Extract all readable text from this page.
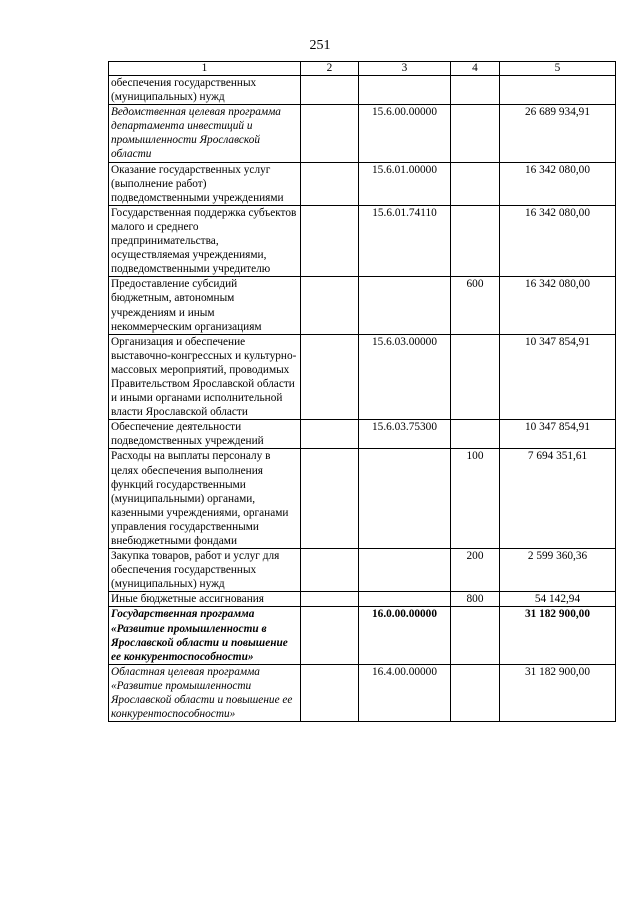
251
1	2	3	4	5
обеспечения государственных (муниципальных) нужд				
Ведомственная целевая программа департамента инвестиций и промышленности Ярославской области		15.6.00.00000		26 689 934,91
Оказание государственных услуг (выполнение работ) подведомственными учреждениями		15.6.01.00000		16 342 080,00
Государственная поддержка субъектов малого и среднего предпринимательства, осуществляемая учреждениями, подведомственными учредителю		15.6.01.74110		16 342 080,00
Предоставление субсидий бюджетным, автономным учреждениям и иным некоммерческим организациям			600	16 342 080,00
Организация и обеспечение выставочно-конгрессных и культурно-массовых мероприятий, проводимых Правительством Ярославской области и иными органами исполнительной власти Ярославской области		15.6.03.00000		10 347 854,91
Обеспечение деятельности подведомственных учреждений		15.6.03.75300		10 347 854,91
Расходы на выплаты персоналу в целях обеспечения выполнения функций государственными (муниципальными) органами, казенными учреждениями, органами управления государственными внебюджетными фондами			100	7 694 351,61
Закупка товаров, работ и услуг для обеспечения государственных (муниципальных) нужд			200	2 599 360,36
Иные бюджетные ассигнования			800	54 142,94
Государственная программа «Развитие промышленности в Ярославской области и повышение ее конкурентоспособности»		16.0.00.00000		31 182 900,00
Областная целевая программа «Развитие промышленности Ярославской области и повышение ее конкурентоспособности»		16.4.00.00000		31 182 900,00
